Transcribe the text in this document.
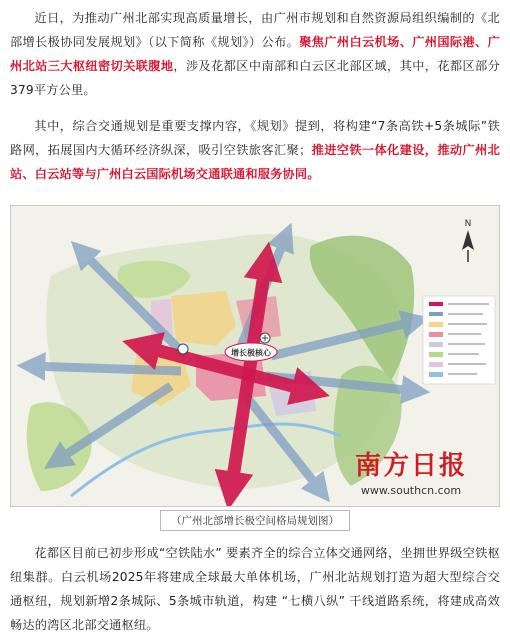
近日，为推动广州北部实现高质量增长，由广州市规划和自然资源局组织编制的《北部增长极协同发展规划》（以下简称《规划》）公布。聚焦广州白云机场、广州国际港、广州北站三大枢纽密切关联腹地，涉及花都区中南部和白云区北部区域，其中，花都区部分379平方公里。

其中，综合交通规划是重要支撑内容，《规划》提到，将构建“7条高铁+5条城际”铁路网，拓展国内大循环经济纵深，吸引空铁旅客汇聚；推进空铁一体化建设，推动广州北站、白云站等与广州白云国际机场交通联通和服务协同。

增长极核心
N
南方日报
www.southcn.com
（广州北部增长极空间格局规划图）

花都区目前已初步形成“空铁陆水” 要素齐全的综合立体交通网络，坐拥世界级空铁枢纽集群。白云机场2025年将建成全球最大单体机场，广州北站规划打造为超大型综合交通枢纽，规划新增2条城际、5条城市轨道，构建 “七横八纵” 干线道路系统，将建成高效畅达的湾区北部交通枢纽。
